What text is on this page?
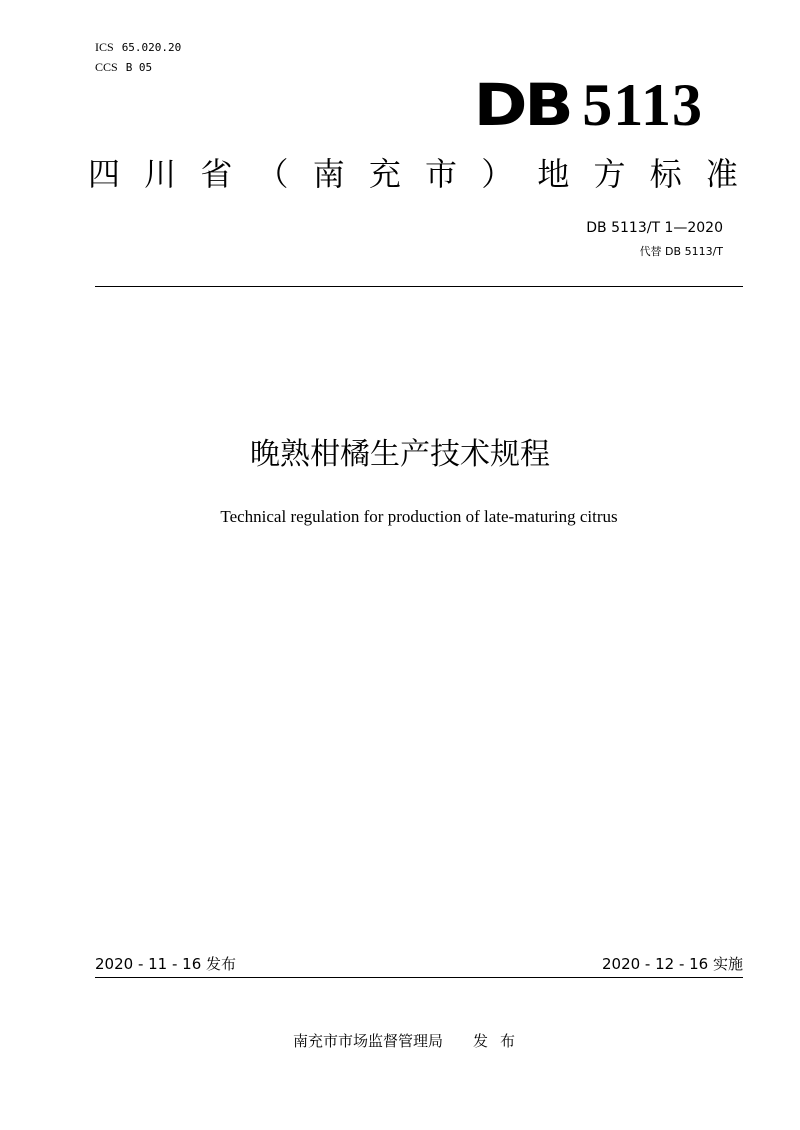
ICS 65.020.20
CCS B 05
DB 5113
四 川 省 （ 南 充 市 ） 地 方 标 准
DB 5113/T 1—2020
代替 DB 5113/T
晚熟柑橘生产技术规程
Technical regulation for production of late-maturing citrus
2020 - 11 - 16 发布	2020 - 12 - 16 实施
南充市市场监督管理局 发布
